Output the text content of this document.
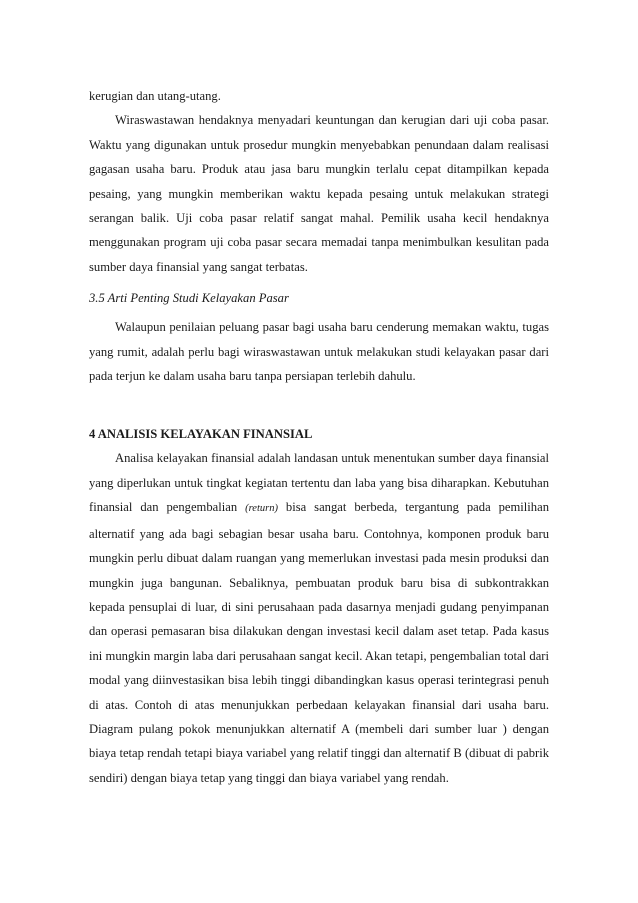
kerugian dan utang-utang.

Wiraswastawan hendaknya menyadari keuntungan dan kerugian dari uji coba pasar. Waktu yang digunakan untuk prosedur mungkin menyebabkan penundaan dalam realisasi gagasan usaha baru. Produk atau jasa baru mungkin terlalu cepat ditampilkan kepada pesaing, yang mungkin memberikan waktu kepada pesaing untuk melakukan strategi serangan balik. Uji coba pasar relatif sangat mahal. Pemilik usaha kecil hendaknya menggunakan program uji coba pasar secara memadai tanpa menimbulkan kesulitan pada sumber daya finansial yang sangat terbatas.

3.5 Arti Penting Studi Kelayakan Pasar

Walaupun penilaian peluang pasar bagi usaha baru cenderung memakan waktu, tugas yang rumit, adalah perlu bagi wiraswastawan untuk melakukan studi kelayakan pasar dari pada terjun ke dalam usaha baru tanpa persiapan terlebih dahulu.

4 ANALISIS KELAYAKAN FINANSIAL

Analisa kelayakan finansial adalah landasan untuk menentukan sumber daya finansial yang diperlukan untuk tingkat kegiatan tertentu dan laba yang bisa diharapkan. Kebutuhan finansial dan pengembalian (return) bisa sangat berbeda, tergantung pada pemilihan alternatif yang ada bagi sebagian besar usaha baru. Contohnya, komponen produk baru mungkin perlu dibuat dalam ruangan yang memerlukan investasi pada mesin produksi dan mungkin juga bangunan. Sebaliknya, pembuatan produk baru bisa di subkontrakkan kepada pensuplai di luar, di sini perusahaan pada dasarnya menjadi gudang penyimpanan dan operasi pemasaran bisa dilakukan dengan investasi kecil dalam aset tetap. Pada kasus ini mungkin margin laba dari perusahaan sangat kecil. Akan tetapi, pengembalian total dari modal yang diinvestasikan bisa lebih tinggi dibandingkan kasus operasi terintegrasi penuh di atas. Contoh di atas menunjukkan perbedaan kelayakan finansial dari usaha baru. Diagram pulang pokok menunjukkan alternatif A (membeli dari sumber luar ) dengan biaya tetap rendah tetapi biaya variabel yang relatif tinggi dan alternatif B (dibuat di pabrik sendiri) dengan biaya tetap yang tinggi dan biaya variabel yang rendah.
